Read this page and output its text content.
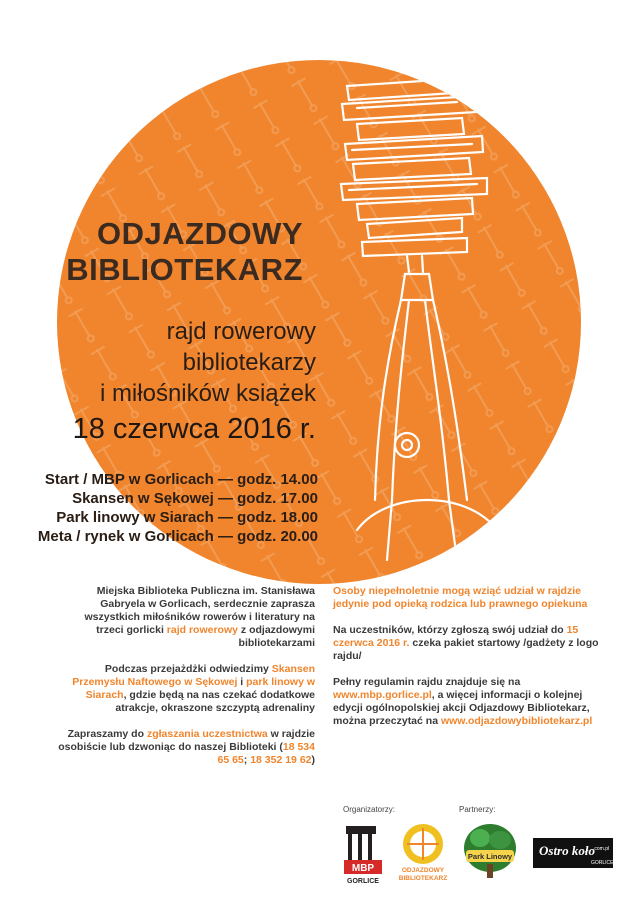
ODJAZDOWY
BIBLIOTEKARZ
rajd rowerowy
bibliotekarzy
i miłośników książek
18 czerwca 2016 r.
Start / MBP w Gorlicach — godz. 14.00
Skansen w Sękowej — godz. 17.00
Park linowy w Siarach — godz. 18.00
Meta / rynek w Gorlicach — godz. 20.00

Miejska Biblioteka Publiczna im. Stanisława Gabryela w Gorlicach, serdecznie zaprasza wszystkich miłośników rowerów i literatury na trzeci gorlicki rajd rowerowy z odjazdowymi bibliotekarzami

Podczas przejażdżki odwiedzimy Skansen Przemysłu Naftowego w Sękowej i park linowy w Siarach, gdzie będą na nas czekać dodatkowe atrakcje, okraszone szczyptą adrenaliny

Zapraszamy do zgłaszania uczestnictwa w rajdzie osobiście lub dzwoniąc do naszej Biblioteki (18 534 65 65; 18 352 19 62)

Osoby niepełnoletnie mogą wziąć udział w rajdzie jedynie pod opieką rodzica lub prawnego opiekuna

Na uczestników, którzy zgłoszą swój udział do 15 czerwca 2016 r. czeka pakiet startowy /gadżety z logo rajdu/

Pełny regulamin rajdu znajduje się na www.mbp.gorlice.pl, a więcej informacji o kolejnej edycji ogólnopolskiej akcji Odjazdowy Bibliotekarz, można przeczytać na www.odjazdowybibliotekarz.pl

Organizatorzy:	Partnerzy:
MBP
GORLICE
ODJAZDOWY
BIBLIOTEKARZ
Park Linowy Ostro koło
.com.pl
GORLICE
